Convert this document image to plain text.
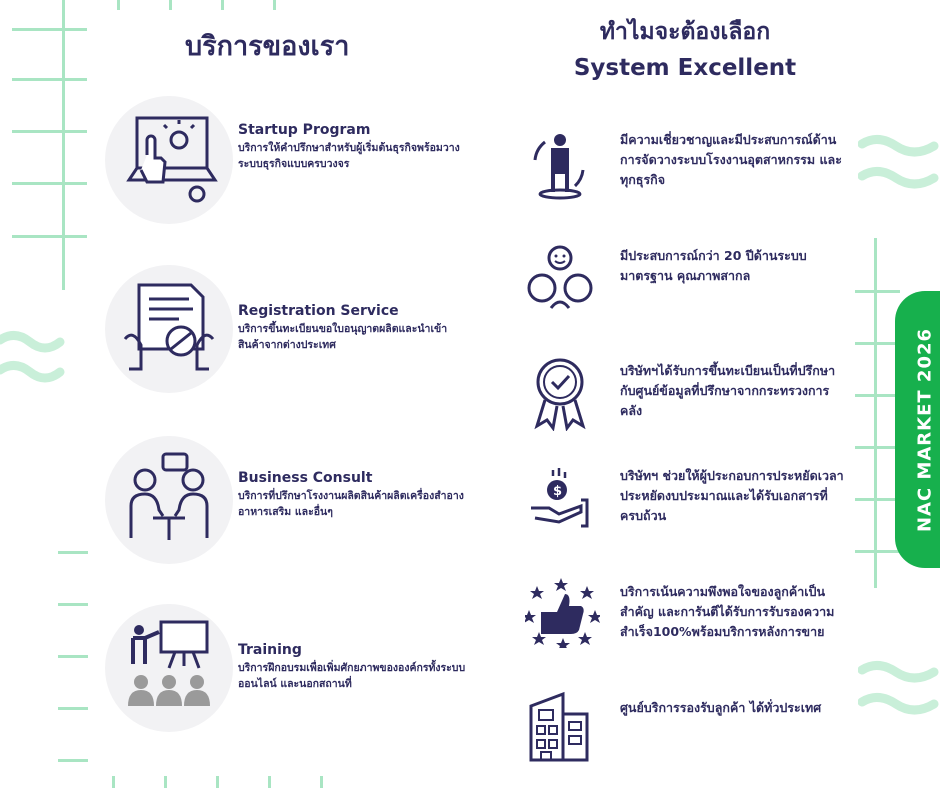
บริการของเรา	ทำไมจะต้องเลือก
System Excellent
Startup Program
บริการให้คำปรึกษาสำหรับผู้เริ่มต้นธุรกิจพร้อมวางระบบธุรกิจแบบครบวงจร
Registration Service
บริการขึ้นทะเบียนขอใบอนุญาตผลิตและนำเข้าสินค้าจากต่างประเทศ
Business Consult
บริการที่ปรึกษาโรงงานผลิตสินค้าผลิตเครื่องสำอาง อาหารเสริม และอื่นๆ
Training
บริการฝึกอบรมเพื่อเพิ่มศักยภาพขององค์กรทั้งระบบออนไลน์ และนอกสถานที่
มีความเชี่ยวชาญและมีประสบการณ์ด้านการจัดวางระบบโรงงานอุตสาหกรรม และทุกธุรกิจ
มีประสบการณ์กว่า 20 ปีด้านระบบมาตรฐาน คุณภาพสากล
บริษัทฯได้รับการขึ้นทะเบียนเป็นที่ปรึกษากับศูนย์ข้อมูลที่ปรึกษาจากกระทรวงการคลัง
$
บริษัทฯ ช่วยให้ผู้ประกอบการประหยัดเวลาประหยัดงบประมาณและได้รับเอกสารที่ครบถ้วน
บริการเน้นความพึงพอใจของลูกค้าเป็นสำคัญ และการันตีได้รับการรับรองความสำเร็จ100%พร้อมบริการหลังการขาย
ศูนย์บริการรองรับลูกค้า ได้ทั่วประเทศ
NAC MARKET 2026
